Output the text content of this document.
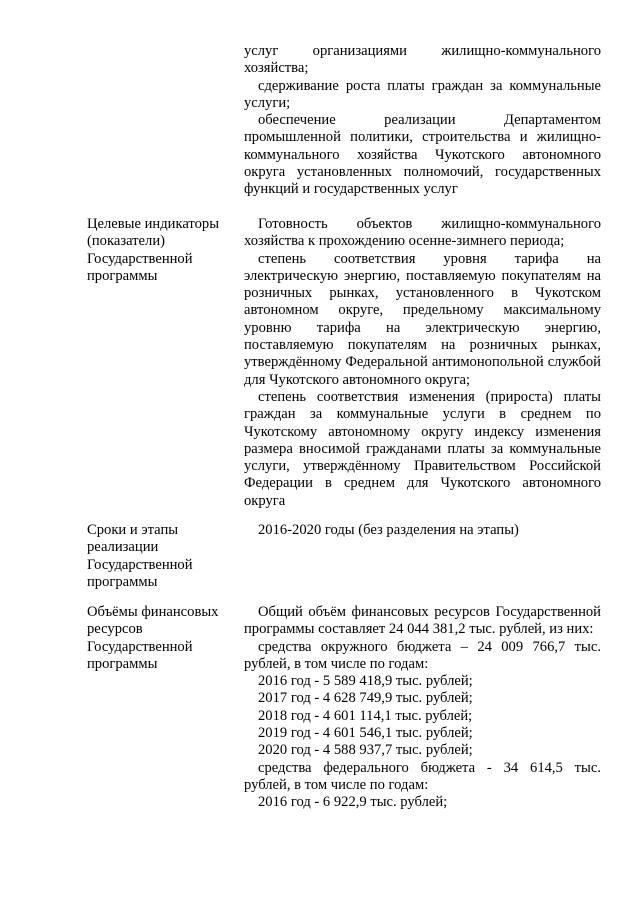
услуг организациями жилищно-коммунального хозяйства;

сдерживание роста платы граждан за коммунальные услуги;

обеспечение реализации Департаментом промышленной политики, строительства и жилищно-коммунального хозяйства Чукотского автономного округа установленных полномочий, государственных функций и государственных услуг

Целевые индикаторы
(показатели)
Государственной
программы

Готовность объектов жилищно-коммунального хозяйства к прохождению осенне-зимнего периода;

степень соответствия уровня тарифа на электрическую энергию, поставляемую покупателям на розничных рынках, установленного в Чукотском автономном округе, предельному максимальному уровню тарифа на электрическую энергию, поставляемую покупателям на розничных рынках, утверждённому Федеральной антимонопольной службой для Чукотского автономного округа;

степень соответствия изменения (прироста) платы граждан за коммунальные услуги в среднем по Чукотскому автономному округу индексу изменения размера вносимой гражданами платы за коммунальные услуги, утверждённому Правительством Российской Федерации в среднем для Чукотского автономного округа

Сроки и этапы
реализации
Государственной
программы

2016-2020 годы (без разделения на этапы)

Объёмы финансовых
ресурсов
Государственной
программы

Общий объём финансовых ресурсов Государственной программы составляет 24 044 381,2 тыс. рублей, из них:

средства окружного бюджета – 24 009 766,7 тыс. рублей, в том числе по годам:

2016 год - 5 589 418,9 тыс. рублей;

2017 год - 4 628 749,9 тыс. рублей;

2018 год - 4 601 114,1 тыс. рублей;

2019 год - 4 601 546,1 тыс. рублей;

2020 год - 4 588 937,7 тыс. рублей;

средства федерального бюджета - 34 614,5 тыс. рублей, в том числе по годам:

2016 год - 6 922,9 тыс. рублей;
